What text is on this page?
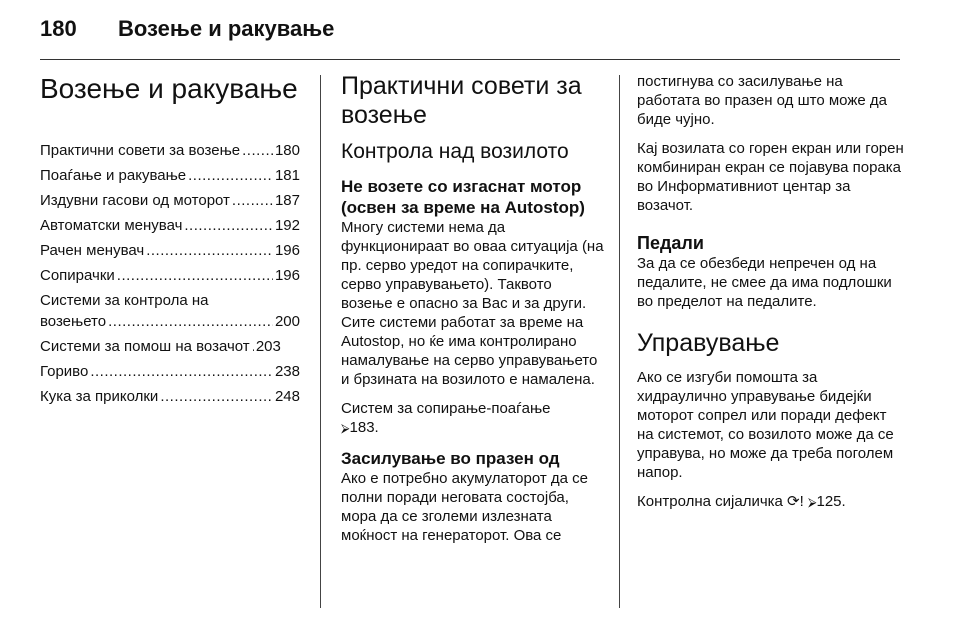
180	Возење и ракување
Возење и ракување
Практични совети за возење ..... 180
Поаѓање и ракување .....	181
Издувни гасови од моторот .....	187
Автоматски менувач .....	192
Рачен менувач .....	196
Сопирачки .....	196
Системи за контрола на
возењето .....	200
Системи за помош на возачот ..... 203
Гориво .....	238
Кука за приколки .....	248
Практични совети за
возење
Контрола над возилото
Не возете со изгаснат мотор
(освен за време на Autostop)

Многу системи нема да функционираат во оваа ситуација (на пр. серво уредот на сопирачките, серво управувањето). Таквото возење е опасно за Вас и за други. Сите системи работат за време на Autostop, но ќе има контролирано намалување на серво управувањето и брзината на возилото е намалена.

Систем за сопирање-поаѓање
⮚ 183.

Засилување во празен од

Ако е потребно акумулаторот да се полни поради неговата состојба, мора да се зголеми излезната моќност на генераторот. Ова се

постигнува со засилување на работата во празен од што може да биде чујно.

Кај возилата со горен екран или горен комбиниран екран се појавува порака во Информативниот центар за возачот.

Педали

За да се обезбеди непречен од на педалите, не смее да има подлошки во пределот на педалите.

Управување

Ако се изгуби помошта за хидраулично управување бидејќи моторот сопрел или поради дефект на системот, со возилото може да се управува, но може да треба поголем напор.

Контролна сијаличка ⟳! ⮚ 125.
